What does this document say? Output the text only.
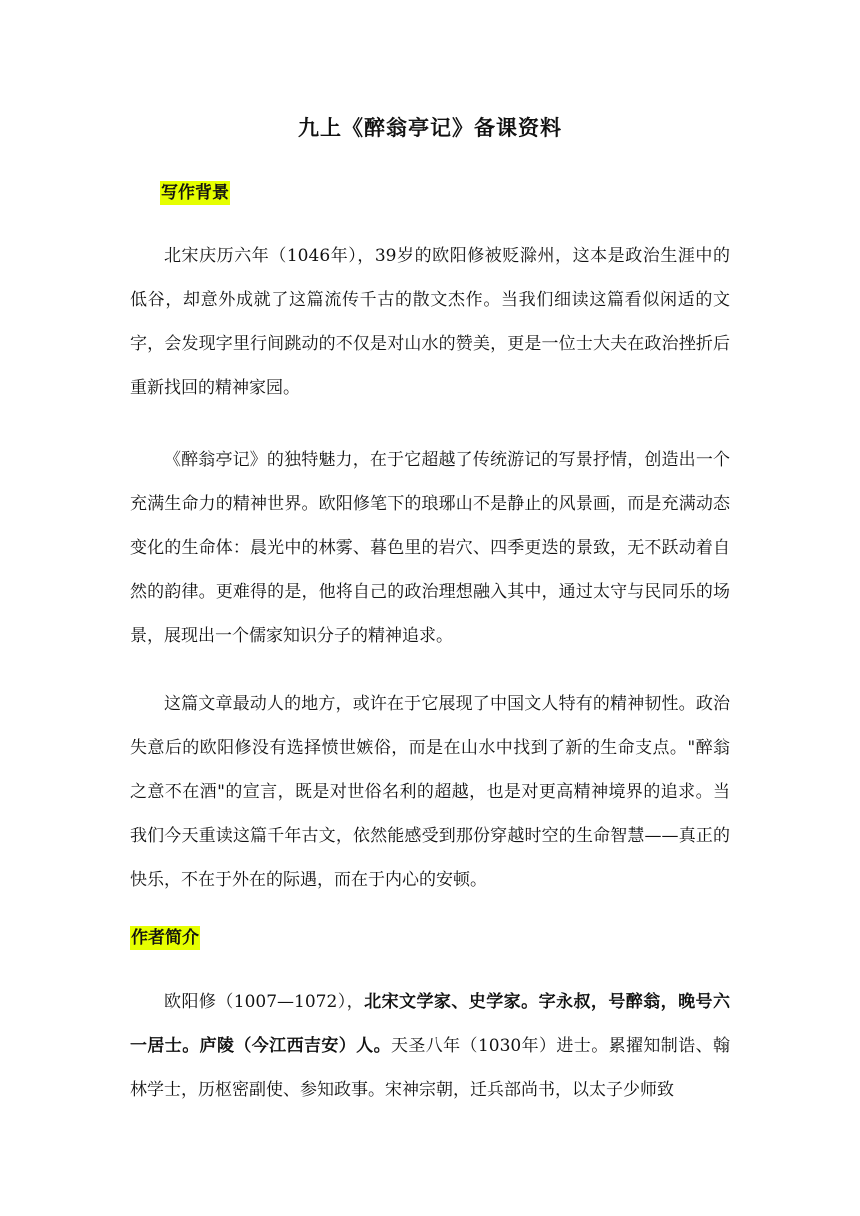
九上《醉翁亭记》备课资料
写作背景

北宋庆历六年（1046年），39岁的欧阳修被贬滁州，这本是政治生涯中的低谷，却意外成就了这篇流传千古的散文杰作。当我们细读这篇看似闲适的文字，会发现字里行间跳动的不仅是对山水的赞美，更是一位士大夫在政治挫折后重新找回的精神家园。

《醉翁亭记》的独特魅力，在于它超越了传统游记的写景抒情，创造出一个充满生命力的精神世界。欧阳修笔下的琅琊山不是静止的风景画，而是充满动态变化的生命体：晨光中的林雾、暮色里的岩穴、四季更迭的景致，无不跃动着自然的韵律。更难得的是，他将自己的政治理想融入其中，通过太守与民同乐的场景，展现出一个儒家知识分子的精神追求。

这篇文章最动人的地方，或许在于它展现了中国文人特有的精神韧性。政治失意后的欧阳修没有选择愤世嫉俗，而是在山水中找到了新的生命支点。"醉翁之意不在酒"的宣言，既是对世俗名利的超越，也是对更高精神境界的追求。当我们今天重读这篇千年古文，依然能感受到那份穿越时空的生命智慧——真正的快乐，不在于外在的际遇，而在于内心的安顿。

作者简介

欧阳修（1007—1072），北宋文学家、史学家。字永叔，号醉翁，晚号六一居士。庐陵（今江西吉安）人。天圣八年（1030年）进士。累擢知制诰、翰林学士，历枢密副使、参知政事。宋神宗朝，迁兵部尚书，以太子少师致
